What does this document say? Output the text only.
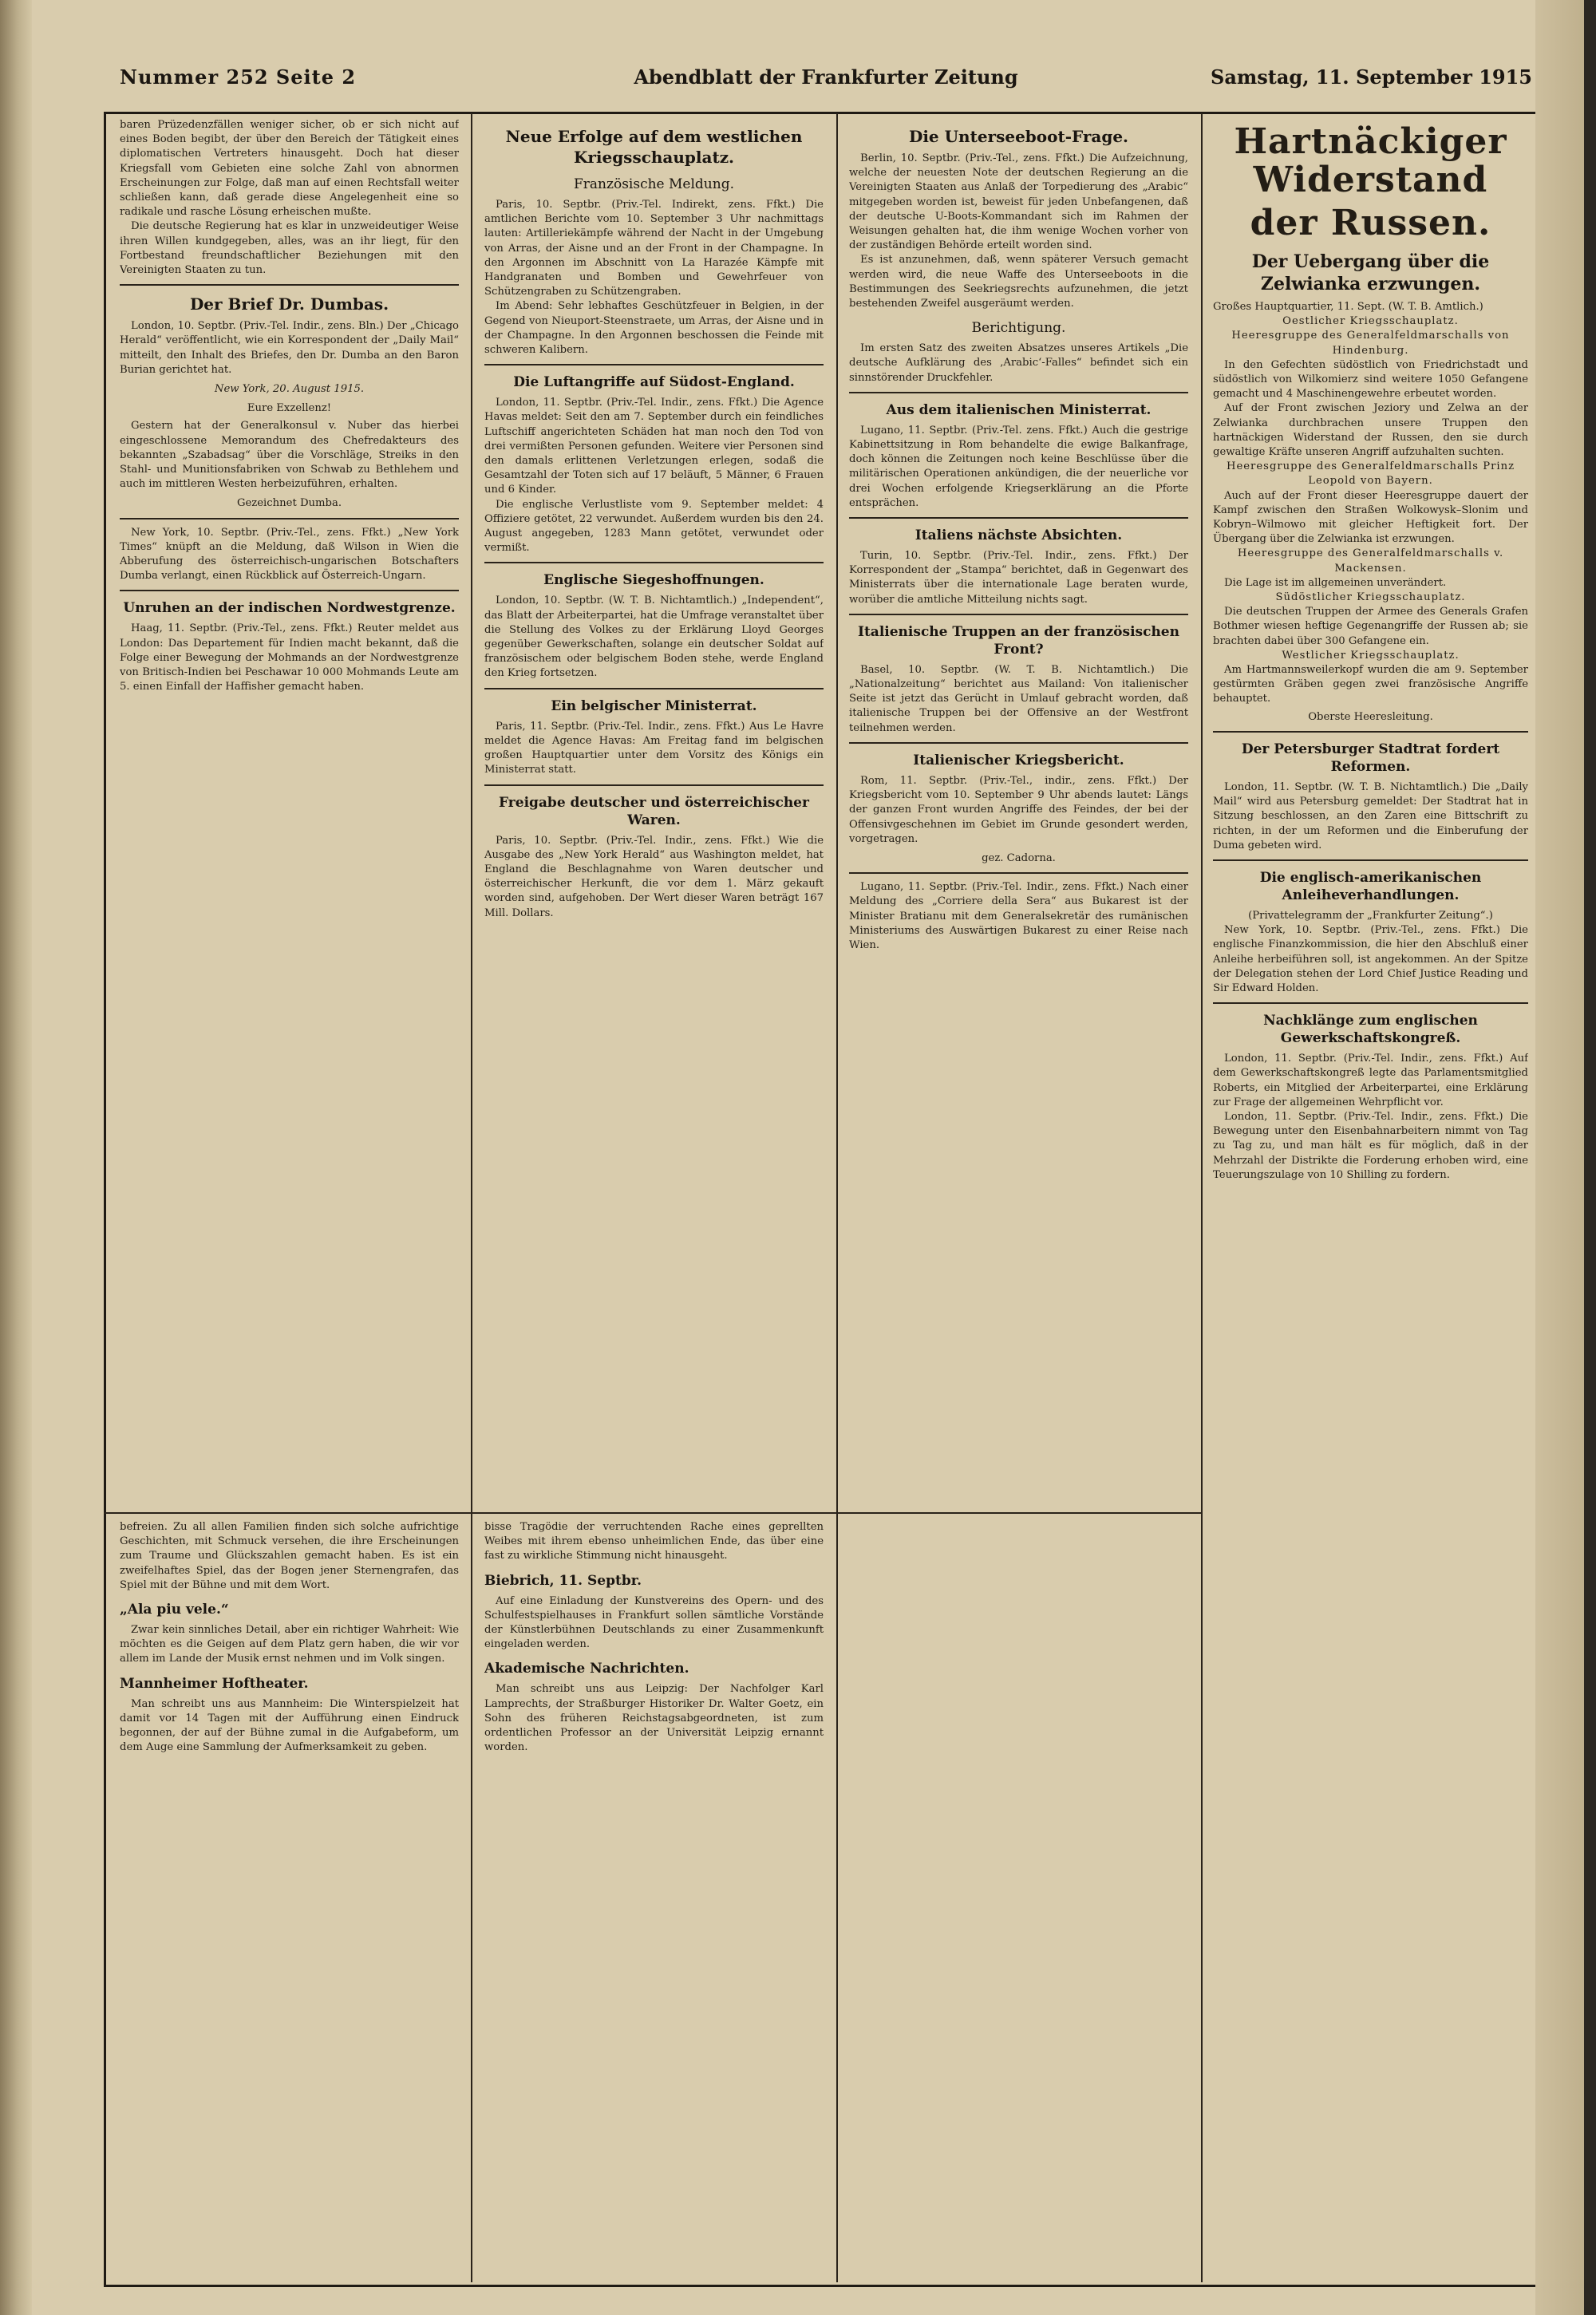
Nummer 252 Seite 2	Abendblatt der Frankfurter Zeitung	Samstag, 11. September 1915

baren Prüzedenzfällen weniger sicher, ob er sich nicht auf eines Boden begibt, der über den Bereich der Tätigkeit eines diplomatischen Vertreters hinausgeht. Doch hat dieser Kriegsfall vom Gebieten eine solche Zahl von abnormen Erscheinungen zur Folge, daß man auf einen Rechtsfall weiter schließen kann, daß gerade diese Angelegenheit eine so radikale und rasche Lösung erheischen mußte.

Die deutsche Regierung hat es klar in unzweideutiger Weise ihren Willen kundgegeben, alles, was an ihr liegt, für den Fortbestand freundschaftlicher Beziehungen mit den Vereinigten Staaten zu tun.

Der Brief Dr. Dumbas.

London, 10. Septbr. (Priv.-Tel. Indir., zens. Bln.) Der „Chicago Herald“ veröffentlicht, wie ein Korrespondent der „Daily Mail“ mitteilt, den Inhalt des Briefes, den Dr. Dumba an den Baron Burian gerichtet hat.

New York, 20. August 1915.

Eure Exzellenz!

Gestern hat der Generalkonsul v. Nuber das hierbei eingeschlossene Memorandum des Chefredakteurs des bekannten „Szabadsag“ über die Vorschläge, Streiks in den Stahl- und Munitionsfabriken von Schwab zu Bethlehem und auch im mittleren Westen herbeizuführen, erhalten.

Gezeichnet Dumba.

New York, 10. Septbr. (Priv.-Tel., zens. Ffkt.) „New York Times“ knüpft an die Meldung, daß Wilson in Wien die Abberufung des österreichisch-ungarischen Botschafters Dumba verlangt, einen Rückblick auf Österreich-Ungarn.

Unruhen an der indischen Nordwestgrenze.

Haag, 11. Septbr. (Priv.-Tel., zens. Ffkt.) Reuter meldet aus London: Das Departement für Indien macht bekannt, daß die Folge einer Bewegung der Mohmands an der Nordwestgrenze von Britisch-Indien bei Peschawar 10 000 Mohmands Leute am 5. einen Einfall der Haffisher gemacht haben.

befreien. Zu all allen Familien finden sich solche aufrichtige Geschichten, mit Schmuck versehen, die ihre Erscheinungen zum Traume und Glückszahlen gemacht haben. Es ist ein zweifelhaftes Spiel, das der Bogen jener Sternengrafen, das Spiel mit der Bühne und mit dem Wort.

„Ala piu vele.“

Zwar kein sinnliches Detail, aber ein richtiger Wahrheit: Wie möchten es die Geigen auf dem Platz gern haben, die wir vor allem im Lande der Musik ernst nehmen und im Volk singen.

Mannheimer Hoftheater.

Man schreibt uns aus Mannheim: Die Winterspielzeit hat damit vor 14 Tagen mit der Aufführung einen Eindruck begonnen, der auf der Bühne zumal in die Aufgabeform, um dem Auge eine Sammlung der Aufmerksamkeit zu geben.

Neue Erfolge auf dem westlichen Kriegsschauplatz.
Französische Meldung.

Paris, 10. Septbr. (Priv.-Tel. Indirekt, zens. Ffkt.) Die amtlichen Berichte vom 10. September 3 Uhr nachmittags lauten: Artilleriekämpfe während der Nacht in der Umgebung von Arras, der Aisne und an der Front in der Champagne. In den Argonnen im Abschnitt von La Harazée Kämpfe mit Handgranaten und Bomben und Gewehrfeuer von Schützengraben zu Schützengraben.

Im Abend: Sehr lebhaftes Geschützfeuer in Belgien, in der Gegend von Nieuport-Steenstraete, um Arras, der Aisne und in der Champagne. In den Argonnen beschossen die Feinde mit schweren Kalibern.

Die Luftangriffe auf Südost-England.

London, 11. Septbr. (Priv.-Tel. Indir., zens. Ffkt.) Die Agence Havas meldet: Seit den am 7. September durch ein feindliches Luftschiff angerichteten Schäden hat man noch den Tod von drei vermißten Personen gefunden. Weitere vier Personen sind den damals erlittenen Verletzungen erlegen, sodaß die Gesamtzahl der Toten sich auf 17 beläuft, 5 Männer, 6 Frauen und 6 Kinder.

Die englische Verlustliste vom 9. September meldet: 4 Offiziere getötet, 22 verwundet. Außerdem wurden bis den 24. August angegeben, 1283 Mann getötet, verwundet oder vermißt.

Englische Siegeshoffnungen.

London, 10. Septbr. (W. T. B. Nichtamtlich.) „Independent“, das Blatt der Arbeiterpartei, hat die Umfrage veranstaltet über die Stellung des Volkes zu der Erklärung Lloyd Georges gegenüber Gewerkschaften, solange ein deutscher Soldat auf französischem oder belgischem Boden stehe, werde England den Krieg fortsetzen.

Ein belgischer Ministerrat.

Paris, 11. Septbr. (Priv.-Tel. Indir., zens. Ffkt.) Aus Le Havre meldet die Agence Havas: Am Freitag fand im belgischen großen Hauptquartier unter dem Vorsitz des Königs ein Ministerrat statt.

Freigabe deutscher und österreichischer Waren.

Paris, 10. Septbr. (Priv.-Tel. Indir., zens. Ffkt.) Wie die Ausgabe des „New York Herald“ aus Washington meldet, hat England die Beschlagnahme von Waren deutscher und österreichischer Herkunft, die vor dem 1. März gekauft worden sind, aufgehoben. Der Wert dieser Waren beträgt 167 Mill. Dollars.

bisse Tragödie der verruchtenden Rache eines geprellten Weibes mit ihrem ebenso unheimlichen Ende, das über eine fast zu wirkliche Stimmung nicht hinausgeht.

Biebrich, 11. Septbr.

Auf eine Einladung der Kunstvereins des Opern- und des Schulfestspielhauses in Frankfurt sollen sämtliche Vorstände der Künstlerbühnen Deutschlands zu einer Zusammenkunft eingeladen werden.

Akademische Nachrichten.

Man schreibt uns aus Leipzig: Der Nachfolger Karl Lamprechts, der Straßburger Historiker Dr. Walter Goetz, ein Sohn des früheren Reichstagsabgeordneten, ist zum ordentlichen Professor an der Universität Leipzig ernannt worden.

Die Unterseeboot-Frage.

Berlin, 10. Septbr. (Priv.-Tel., zens. Ffkt.) Die Aufzeichnung, welche der neuesten Note der deutschen Regierung an die Vereinigten Staaten aus Anlaß der Torpedierung des „Arabic“ mitgegeben worden ist, beweist für jeden Unbefangenen, daß der deutsche U-Boots-Kommandant sich im Rahmen der Weisungen gehalten hat, die ihm wenige Wochen vorher von der zuständigen Behörde erteilt worden sind.

Es ist anzunehmen, daß, wenn späterer Versuch gemacht werden wird, die neue Waffe des Unterseeboots in die Bestimmungen des Seekriegsrechts aufzunehmen, die jetzt bestehenden Zweifel ausgeräumt werden.

Berichtigung.

Im ersten Satz des zweiten Absatzes unseres Artikels „Die deutsche Aufklärung des ‚Arabic‘-Falles“ befindet sich ein sinnstörender Druckfehler.

Aus dem italienischen Ministerrat.

Lugano, 11. Septbr. (Priv.-Tel. zens. Ffkt.) Auch die gestrige Kabinettsitzung in Rom behandelte die ewige Balkanfrage, doch können die Zeitungen noch keine Beschlüsse über die militärischen Operationen ankündigen, die der neuerliche vor drei Wochen erfolgende Kriegserklärung an die Pforte entsprächen.

Italiens nächste Absichten.

Turin, 10. Septbr. (Priv.-Tel. Indir., zens. Ffkt.) Der Korrespondent der „Stampa“ berichtet, daß in Gegenwart des Ministerrats über die internationale Lage beraten wurde, worüber die amtliche Mitteilung nichts sagt.

Italienische Truppen an der französischen Front?

Basel, 10. Septbr. (W. T. B. Nichtamtlich.) Die „Nationalzeitung“ berichtet aus Mailand: Von italienischer Seite ist jetzt das Gerücht in Umlauf gebracht worden, daß italienische Truppen bei der Offensive an der Westfront teilnehmen werden.

Italienischer Kriegsbericht.

Rom, 11. Septbr. (Priv.-Tel., indir., zens. Ffkt.) Der Kriegsbericht vom 10. September 9 Uhr abends lautet: Längs der ganzen Front wurden Angriffe des Feindes, der bei der Offensivgeschehnen im Gebiet im Grunde gesondert werden, vorgetragen.

gez. Cadorna.

Lugano, 11. Septbr. (Priv.-Tel. Indir., zens. Ffkt.) Nach einer Meldung des „Corriere della Sera“ aus Bukarest ist der Minister Bratianu mit dem Generalsekretär des rumänischen Ministeriums des Auswärtigen Bukarest zu einer Reise nach Wien.

Hartnäckiger Widerstand
der Russen.
Der Uebergang über die Zelwianka erzwungen.

Großes Hauptquartier, 11. Sept. (W. T. B. Amtlich.)

Oestlicher Kriegsschauplatz.

Heeresgruppe des Generalfeldmarschalls von Hindenburg.

In den Gefechten südöstlich von Friedrichstadt und südöstlich von Wilkomierz sind weitere 1050 Gefangene gemacht und 4 Maschinengewehre erbeutet worden.

Auf der Front zwischen Jeziory und Zelwa an der Zelwianka durchbrachen unsere Truppen den hartnäckigen Widerstand der Russen, den sie durch gewaltige Kräfte unseren Angriff aufzuhalten suchten.

Heeresgruppe des Generalfeldmarschalls Prinz Leopold von Bayern.

Auch auf der Front dieser Heeresgruppe dauert der Kampf zwischen den Straßen Wolkowysk–Slonim und Kobryn–Wilmowo mit gleicher Heftigkeit fort. Der Übergang über die Zelwianka ist erzwungen.

Heeresgruppe des Generalfeldmarschalls v. Mackensen.

Die Lage ist im allgemeinen unverändert.

Südöstlicher Kriegsschauplatz.

Die deutschen Truppen der Armee des Generals Grafen Bothmer wiesen heftige Gegenangriffe der Russen ab; sie brachten dabei über 300 Gefangene ein.

Westlicher Kriegsschauplatz.

Am Hartmannsweilerkopf wurden die am 9. September gestürmten Gräben gegen zwei französische Angriffe behauptet.

Oberste Heeresleitung.

Der Petersburger Stadtrat fordert Reformen.

London, 11. Septbr. (W. T. B. Nichtamtlich.) Die „Daily Mail“ wird aus Petersburg gemeldet: Der Stadtrat hat in Sitzung beschlossen, an den Zaren eine Bittschrift zu richten, in der um Reformen und die Einberufung der Duma gebeten wird.

Die englisch-amerikanischen Anleiheverhandlungen.

(Privattelegramm der „Frankfurter Zeitung“.)

New York, 10. Septbr. (Priv.-Tel., zens. Ffkt.) Die englische Finanzkommission, die hier den Abschluß einer Anleihe herbeiführen soll, ist angekommen. An der Spitze der Delegation stehen der Lord Chief Justice Reading und Sir Edward Holden.

Nachklänge zum englischen Gewerkschaftskongreß.

London, 11. Septbr. (Priv.-Tel. Indir., zens. Ffkt.) Auf dem Gewerkschaftskongreß legte das Parlamentsmitglied Roberts, ein Mitglied der Arbeiterpartei, eine Erklärung zur Frage der allgemeinen Wehrpflicht vor.

London, 11. Septbr. (Priv.-Tel. Indir., zens. Ffkt.) Die Bewegung unter den Eisenbahnarbeitern nimmt von Tag zu Tag zu, und man hält es für möglich, daß in der Mehrzahl der Distrikte die Forderung erhoben wird, eine Teuerungszulage von 10 Shilling zu fordern.
